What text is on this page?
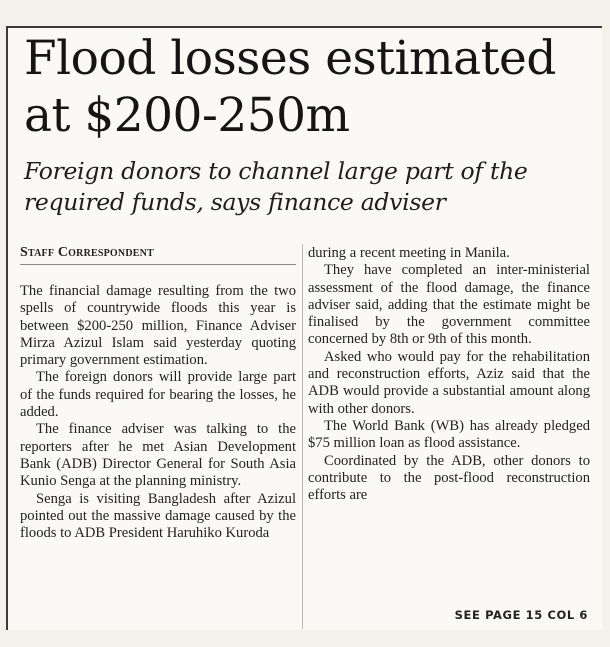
Flood losses estimated at $200-250m
Foreign donors to channel large part of the required funds, says finance adviser
Staff Correspondent

The financial damage resulting from the two spells of countrywide floods this year is between $200-250 million, Finance Adviser Mirza Azizul Islam said yesterday quoting primary government estimation.

The foreign donors will provide large part of the funds required for bearing the losses, he added.

The finance adviser was talking to the reporters after he met Asian Development Bank (ADB) Director General for South Asia Kunio Senga at the planning ministry.

Senga is visiting Bangladesh after Azizul pointed out the massive damage caused by the floods to ADB President Haruhiko Kuroda

during a recent meeting in Manila.

They have completed an inter-ministerial assessment of the flood damage, the finance adviser said, adding that the estimate might be finalised by the government committee concerned by 8th or 9th of this month.

Asked who would pay for the rehabilitation and reconstruction efforts, Aziz said that the ADB would provide a substantial amount along with other donors.

The World Bank (WB) has already pledged $75 million loan as flood assistance.

Coordinated by the ADB, other donors to contribute to the post-flood reconstruction efforts are

SEE PAGE 15 COL 6
